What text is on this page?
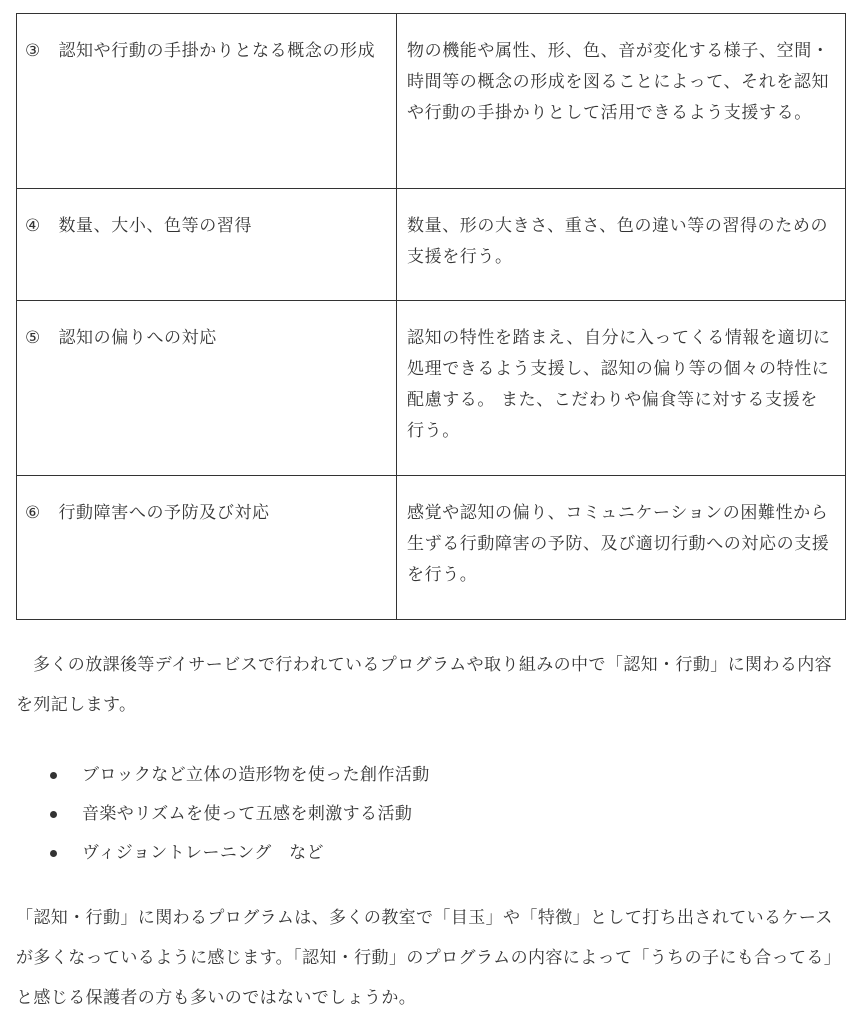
③　認知や行動の手掛かりとなる概念の形成	物の機能や属性、形、色、音が変化する様子、空間・時間等の概念の形成を図ることによって、それを認知や行動の手掛かりとして活用できるよう支援する。

④　数量、大小、色等の習得	数量、形の大きさ、重さ、色の違い等の習得のための支援を行う。

⑤　認知の偏りへの対応	認知の特性を踏まえ、自分に入ってくる情報を適切に処理できるよう支援し、認知の偏り等の個々の特性に配慮する。 また、こだわりや偏食等に対する支援を行う。

⑥　行動障害への予防及び対応	感覚や認知の偏り、コミュニケーションの困難性から生ずる行動障害の予防、及び適切行動への対応の支援を行う。

多くの放課後等デイサービスで行われているプログラムや取り組みの中で「認知・行動」に関わる内容を列記します。

ブロックなど立体の造形物を使った創作活動
音楽やリズムを使って五感を刺激する活動
ヴィジョントレーニング　など

「認知・行動」に関わるプログラムは、多くの教室で「目玉」や「特徴」として打ち出されているケースが多くなっているように感じます。「認知・行動」のプログラムの内容によって「うちの子にも合ってる」と感じる保護者の方も多いのではないでしょうか。
